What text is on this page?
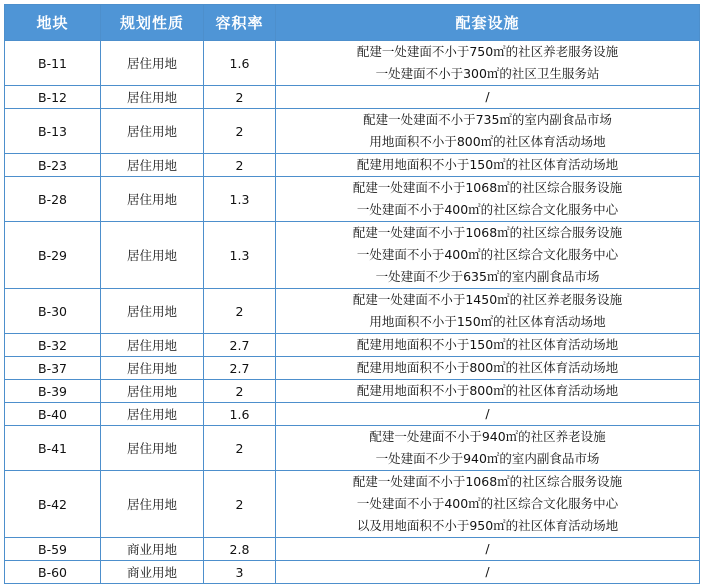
地块	规划性质	容积率	配套设施
B-11	居住用地	1.6	配建一处建面不小于750㎡的社区养老服务设施
一处建面不小于300㎡的社区卫生服务站

B-12	居住用地	2	/

B-13	居住用地	2	配建一处建面不小于735㎡的室内副食品市场
用地面积不小于800㎡的社区体育活动场地

B-23	居住用地	2	配建用地面积不小于150㎡的社区体育活动场地

B-28	居住用地	1.3	配建一处建面不小于1068㎡的社区综合服务设施
一处建面不小于400㎡的社区综合文化服务中心

B-29	居住用地	1.3	配建一处建面不小于1068㎡的社区综合服务设施
一处建面不小于400㎡的社区综合文化服务中心
一处建面不少于635㎡的室内副食品市场

B-30	居住用地	2	配建一处建面不小于1450㎡的社区养老服务设施
用地面积不小于150㎡的社区体育活动场地

B-32	居住用地	2.7	配建用地面积不小于150㎡的社区体育活动场地

B-37	居住用地	2.7	配建用地面积不小于800㎡的社区体育活动场地

B-39	居住用地	2	配建用地面积不小于800㎡的社区体育活动场地

B-40	居住用地	1.6	/

B-41	居住用地	2	配建一处建面不小于940㎡的社区养老设施
一处建面不少于940㎡的室内副食品市场

B-42	居住用地	2	配建一处建面不小于1068㎡的社区综合服务设施
一处建面不小于400㎡的社区综合文化服务中心
以及用地面积不小于950㎡的社区体育活动场地

B-59	商业用地	2.8	/

B-60	商业用地	3	/
